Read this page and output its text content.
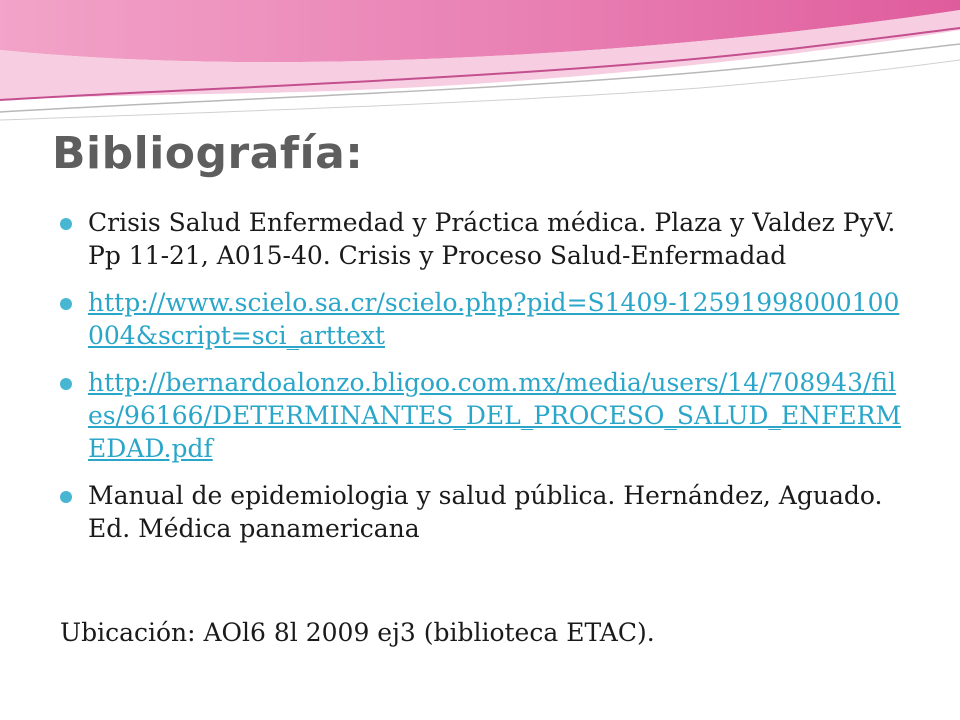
Bibliografía:
Crisis Salud Enfermedad y Práctica médica. Plaza y Valdez PyV. Pp 11-21, A015-40. Crisis y Proceso Salud-Enfermadad
http://www.scielo.sa.cr/scielo.php?pid=S1409-12591998000100004&script=sci_arttext
http://bernardoalonzo.bligoo.com.mx/media/users/14/708943/files/96166/DETERMINANTES_DEL_PROCESO_SALUD_ENFERMEDAD.pdf
Manual de epidemiologia y salud pública. Hernández, Aguado. Ed. Médica panamericana

Ubicación: AOl6 8l 2009 ej3 (biblioteca ETAC).
